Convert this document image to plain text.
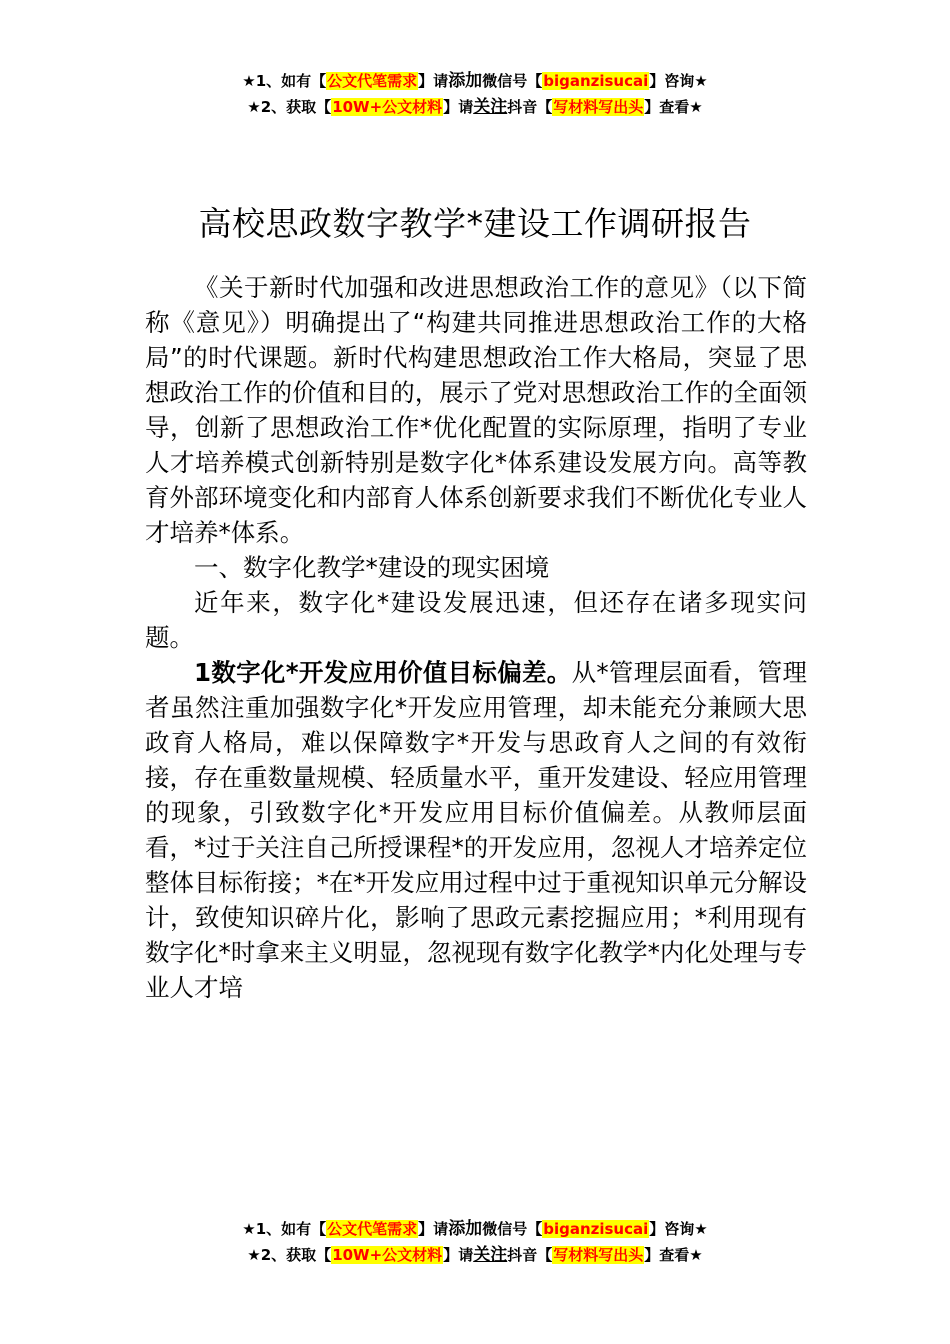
★1、如有【公文代笔需求】请添加微信号【biganzisucai】咨询★
★2、获取【10W+公文材料】请关注抖音【写材料写出头】查看★
高校思政数字教学*建设工作调研报告

《关于新时代加强和改进思想政治工作的意见》（以下简称《意见》）明确提出了“构建共同推进思想政治工作的大格局”的时代课题。新时代构建思想政治工作大格局，突显了思想政治工作的价值和目的，展示了党对思想政治工作的全面领导，创新了思想政治工作*优化配置的实际原理，指明了专业人才培养模式创新特别是数字化*体系建设发展方向。高等教育外部环境变化和内部育人体系创新要求我们不断优化专业人才培养*体系。

一、数字化教学*建设的现实困境

近年来，数字化*建设发展迅速，但还存在诸多现实问题。

1数字化*开发应用价值目标偏差。从*管理层面看，管理者虽然注重加强数字化*开发应用管理，却未能充分兼顾大思政育人格局，难以保障数字*开发与思政育人之间的有效衔接，存在重数量规模、轻质量水平，重开发建设、轻应用管理的现象，引致数字化*开发应用目标价值偏差。从教师层面看，*过于关注自己所授课程*的开发应用，忽视人才培养定位整体目标衔接；*在*开发应用过程中过于重视知识单元分解设计，致使知识碎片化，影响了思政元素挖掘应用；*利用现有数字化*时拿来主义明显，忽视现有数字化教学*内化处理与专业人才培

★1、如有【公文代笔需求】请添加微信号【biganzisucai】咨询★
★2、获取【10W+公文材料】请关注抖音【写材料写出头】查看★
